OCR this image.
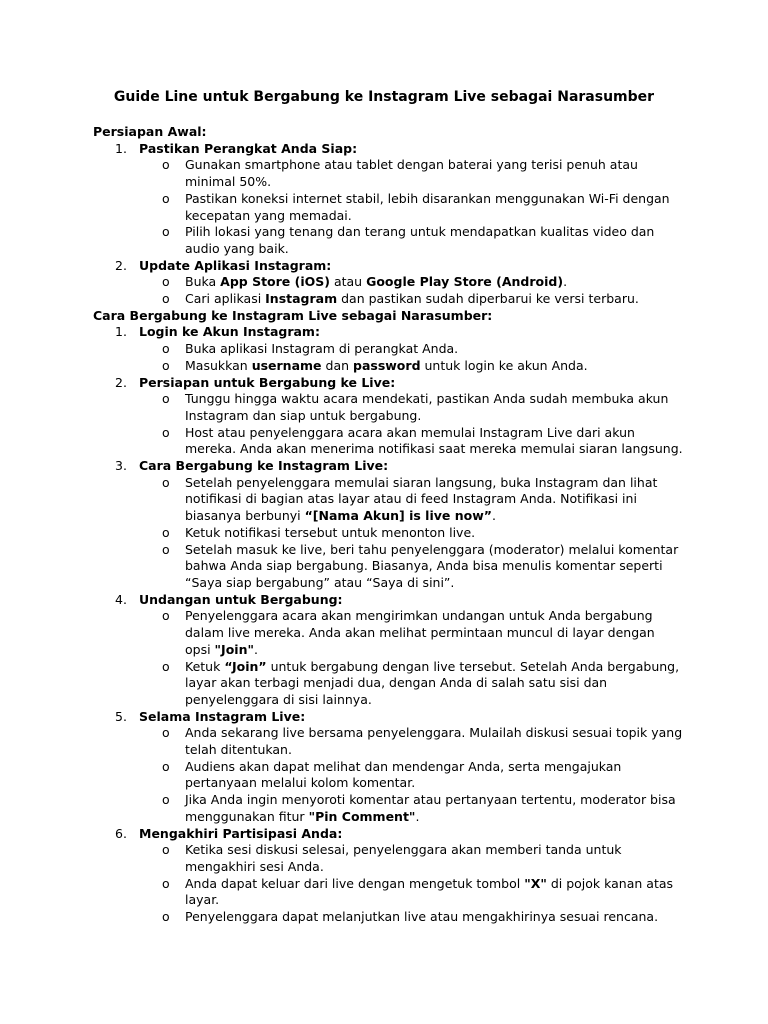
Guide Line untuk Bergabung ke Instagram Live sebagai Narasumber
Persiapan Awal:
1. Pastikan Perangkat Anda Siap:
o Gunakan smartphone atau tablet dengan baterai yang terisi penuh atau minimal 50%.
o Pastikan koneksi internet stabil, lebih disarankan menggunakan Wi-Fi dengan kecepatan yang memadai.
o Pilih lokasi yang tenang dan terang untuk mendapatkan kualitas video dan audio yang baik.
2. Update Aplikasi Instagram:
o Buka App Store (iOS) atau Google Play Store (Android).
o Cari aplikasi Instagram dan pastikan sudah diperbarui ke versi terbaru.
Cara Bergabung ke Instagram Live sebagai Narasumber:
1. Login ke Akun Instagram:
o Buka aplikasi Instagram di perangkat Anda.
o Masukkan username dan password untuk login ke akun Anda.
2. Persiapan untuk Bergabung ke Live:
o Tunggu hingga waktu acara mendekati, pastikan Anda sudah membuka akun Instagram dan siap untuk bergabung.
o Host atau penyelenggara acara akan memulai Instagram Live dari akun mereka. Anda akan menerima notifikasi saat mereka memulai siaran langsung.
3. Cara Bergabung ke Instagram Live:
o Setelah penyelenggara memulai siaran langsung, buka Instagram dan lihat notifikasi di bagian atas layar atau di feed Instagram Anda. Notifikasi ini biasanya berbunyi “[Nama Akun] is live now”.
o Ketuk notifikasi tersebut untuk menonton live.
o Setelah masuk ke live, beri tahu penyelenggara (moderator) melalui komentar bahwa Anda siap bergabung. Biasanya, Anda bisa menulis komentar seperti “Saya siap bergabung” atau “Saya di sini”.
4. Undangan untuk Bergabung:
o Penyelenggara acara akan mengirimkan undangan untuk Anda bergabung dalam live mereka. Anda akan melihat permintaan muncul di layar dengan opsi "Join".
o Ketuk “Join” untuk bergabung dengan live tersebut. Setelah Anda bergabung, layar akan terbagi menjadi dua, dengan Anda di salah satu sisi dan penyelenggara di sisi lainnya.
5. Selama Instagram Live:
o Anda sekarang live bersama penyelenggara. Mulailah diskusi sesuai topik yang telah ditentukan.
o Audiens akan dapat melihat dan mendengar Anda, serta mengajukan pertanyaan melalui kolom komentar.
o Jika Anda ingin menyoroti komentar atau pertanyaan tertentu, moderator bisa menggunakan fitur "Pin Comment".
6. Mengakhiri Partisipasi Anda:
o Ketika sesi diskusi selesai, penyelenggara akan memberi tanda untuk mengakhiri sesi Anda.
o Anda dapat keluar dari live dengan mengetuk tombol "X" di pojok kanan atas layar.
o Penyelenggara dapat melanjutkan live atau mengakhirinya sesuai rencana.
